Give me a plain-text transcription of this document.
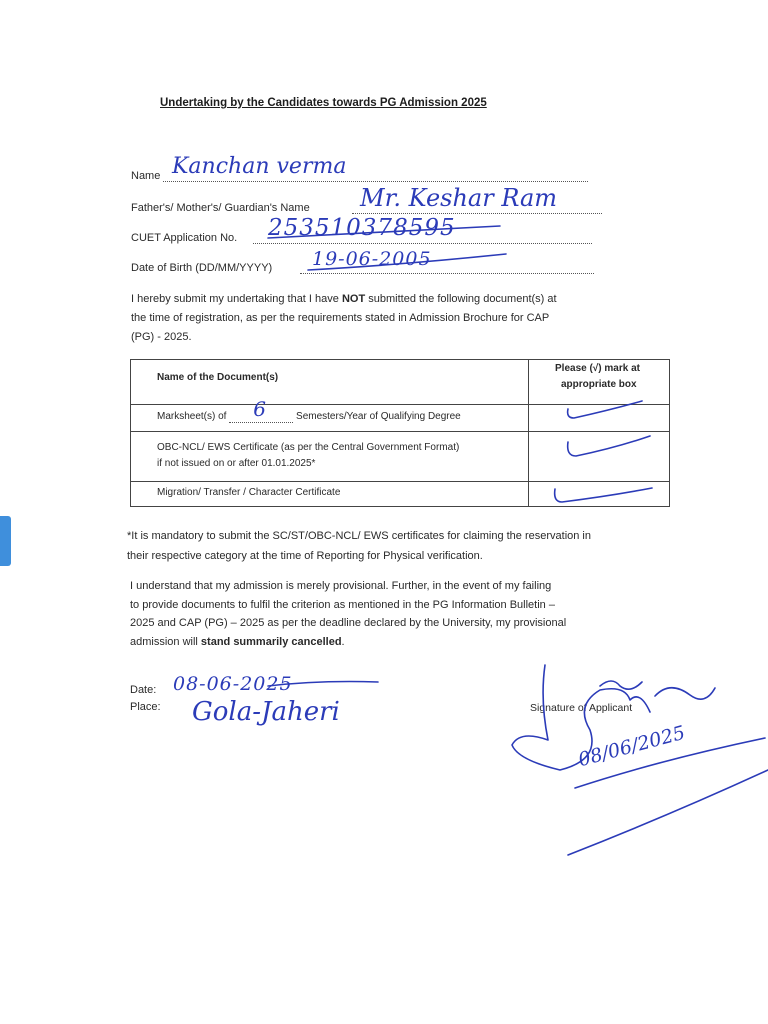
Undertaking by the Candidates towards PG Admission 2025
Name Kanchan verma
Father's/ Mother's/ Guardian's Name Mr. Keshar Ram
CUET Application No. 253510378595
Date of Birth (DD/MM/YYYY) 19-06-2005
I hereby submit my undertaking that I have NOT submitted the following document(s) at
the time of registration, as per the requirements stated in Admission Brochure for CAP
(PG) - 2025.
Name of the Document(s)
Please (√) mark at
appropriate box
Marksheet(s) of 6	Semesters/Year of Qualifying Degree
OBC-NCL/ EWS Certificate (as per the Central Government Format)
if not issued on or after 01.01.2025*
Migration/ Transfer / Character Certificate
*It is mandatory to submit the SC/ST/OBC-NCL/ EWS certificates for claiming the reservation in
their respective category at the time of Reporting for Physical verification.
I understand that my admission is merely provisional. Further, in the event of my failing
to provide documents to fulfil the criterion as mentioned in the PG Information Bulletin –
2025 and CAP (PG) – 2025 as per the deadline declared by the University, my provisional
admission will stand summarily cancelled.
Date: 08-06-2025
Place: Gola-Jaheri	Signature of Applicant
08/06/2025
